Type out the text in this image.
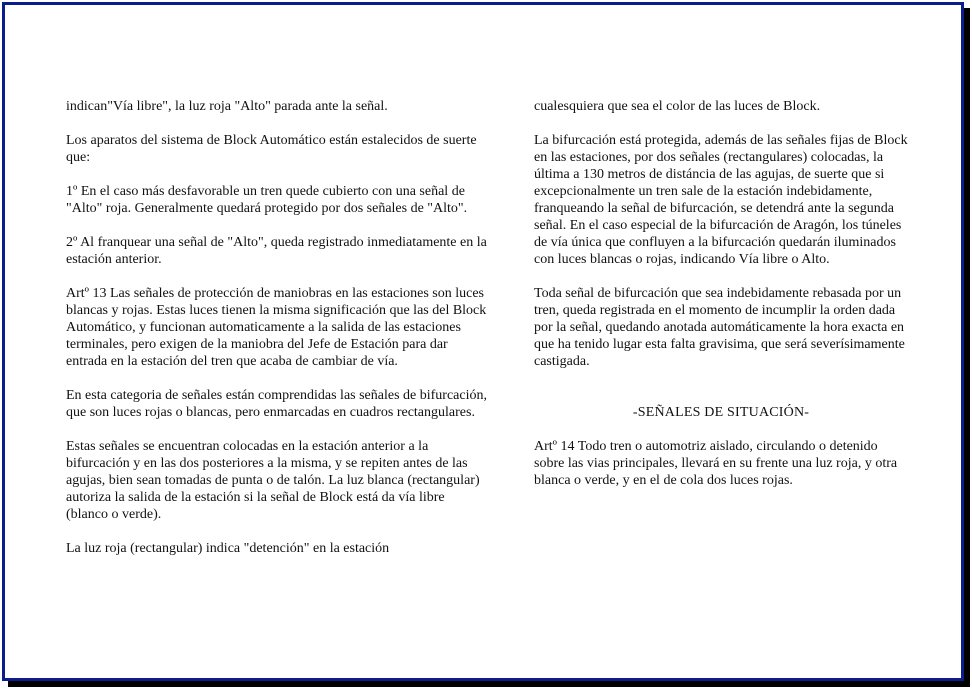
indican"Vía libre", la luz roja "Alto" parada ante la señal.

Los aparatos del sistema de Block Automático están estalecidos de suerte que:

1º En el caso más desfavorable un tren quede cubierto con una señal de "Alto" roja. Generalmente quedará protegido por dos señales de "Alto".

2º Al franquear una señal de "Alto", queda registrado inmediatamente en la estación anterior.

Artº 13 Las señales de protección de maniobras en las estaciones son luces blancas y rojas. Estas luces tienen la misma significación que las del Block Automático, y funcionan automaticamente a la salida de las estaciones terminales, pero exigen de la maniobra del Jefe de Estación para dar entrada en la estación del tren que acaba de cambiar de vía.

En esta categoria de señales están comprendidas las señales de bifurcación, que son luces rojas o blancas, pero enmarcadas en cuadros rectangulares.

Estas señales se encuentran colocadas en la estación anterior a la bifurcación y en las dos posteriores a la misma, y se repiten antes de las agujas, bien sean tomadas de punta o de talón. La luz blanca (rectangular) autoriza la salida de la estación si la señal de Block está da vía libre (blanco o verde).

La luz roja (rectangular) indica "detención" en la estación

cualesquiera que sea el color de las luces de Block.

La bifurcación está protegida, además de las señales fijas de Block en las estaciones, por dos señales (rectangulares) colocadas, la última a 130 metros de distáncia de las agujas, de suerte que si excepcionalmente un tren sale de la estación indebidamente, franqueando la señal de bifurcación, se detendrá ante la segunda señal. En el caso especial de la bifurcación de Aragón, los túneles de vía única que confluyen a la bifurcación quedarán iluminados con luces blancas o rojas, indicando Vía libre o Alto.

Toda señal de bifurcación que sea indebidamente rebasada por un tren, queda registrada en el momento de incumplir la orden dada por la señal, quedando anotada automáticamente la hora exacta en que ha tenido lugar esta falta gravisima, que será severísimamente castigada.

-SEÑALES DE SITUACIÓN-

Artº 14 Todo tren o automotriz aislado, circulando o detenido sobre las vias principales, llevará en su frente una luz roja, y otra blanca o verde, y en el de cola dos luces rojas.
